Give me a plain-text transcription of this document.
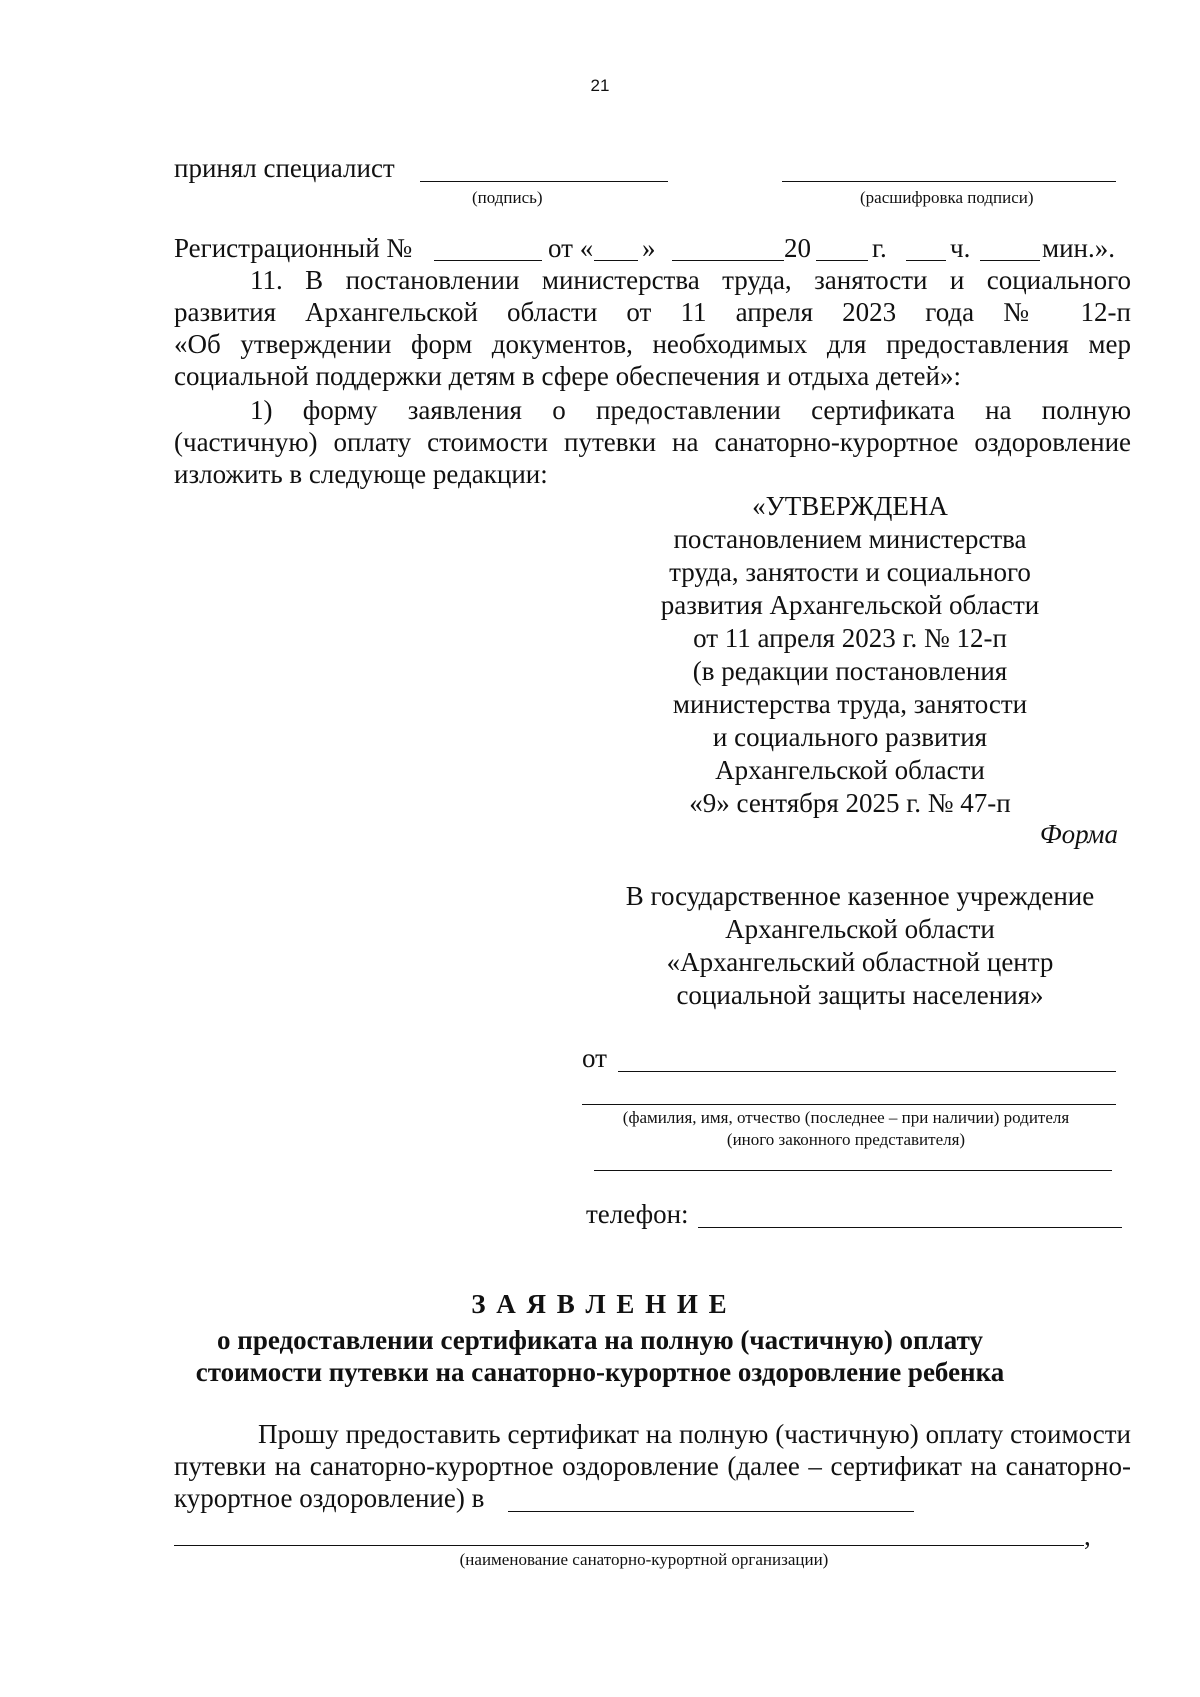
21
принял специалист
(подпись)	(расшифровка подписи)
Регистрационный №	от « »	20 г. ч.	мин.».
11. В постановлении министерства труда, занятости и социального
развития Архангельской области от 11 апреля 2023 года № 12-п
«Об утверждении форм документов, необходимых для предоставления мер
социальной поддержки детям в сфере обеспечения и отдыха детей»:
1) форму заявления о предоставлении сертификата на полную
(частичную) оплату стоимости путевки на санаторно-курортное оздоровление
изложить в следующе редакции:
«УТВЕРЖДЕНА
постановлением министерства
труда, занятости и социального
развития Архангельской области
от 11 апреля 2023 г. № 12-п
(в редакции постановления
министерства труда, занятости
и социального развития
Архангельской области
«9» сентября 2025 г. № 47-п
Форма
В государственное казенное учреждение
Архангельской области
«Архангельский областной центр
социальной защиты населения»
от
(фамилия, имя, отчество (последнее – при наличии) родителя
(иного законного представителя)
телефон:
З А Я В Л Е Н И Е
о предоставлении сертификата на полную (частичную) оплату
стоимости путевки на санаторно-курортное оздоровление ребенка
Прошу предоставить сертификат на полную (частичную) оплату стоимости
путевки на санаторно-курортное оздоровление (далее – сертификат на санаторно-
курортное оздоровление) в
,
(наименование санаторно-курортной организации)
